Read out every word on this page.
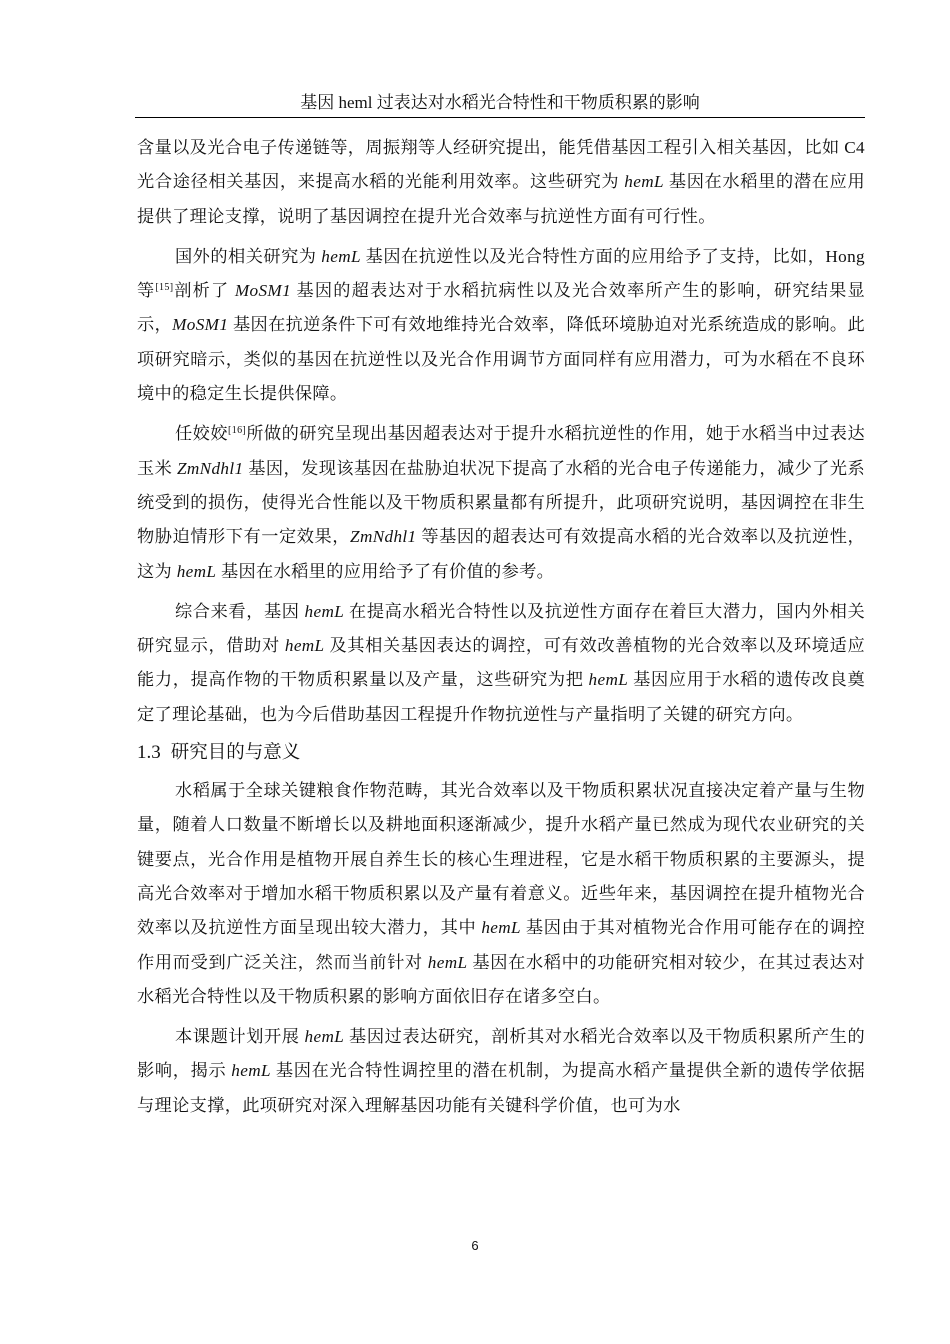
基因 heml 过表达对水稻光合特性和干物质积累的影响

含量以及光合电子传递链等，周振翔等人经研究提出，能凭借基因工程引入相关基因，比如 C4 光合途径相关基因，来提高水稻的光能利用效率。这些研究为 hemL 基因在水稻里的潜在应用提供了理论支撑，说明了基因调控在提升光合效率与抗逆性方面有可行性。

国外的相关研究为 hemL 基因在抗逆性以及光合特性方面的应用给予了支持，比如，Hong 等[15]剖析了 MoSM1 基因的超表达对于水稻抗病性以及光合效率所产生的影响，研究结果显示，MoSM1 基因在抗逆条件下可有效地维持光合效率，降低环境胁迫对光系统造成的影响。此项研究暗示，类似的基因在抗逆性以及光合作用调节方面同样有应用潜力，可为水稻在不良环境中的稳定生长提供保障。

任姣姣[16]所做的研究呈现出基因超表达对于提升水稻抗逆性的作用，她于水稻当中过表达玉米 ZmNdhl1 基因，发现该基因在盐胁迫状况下提高了水稻的光合电子传递能力，减少了光系统受到的损伤，使得光合性能以及干物质积累量都有所提升，此项研究说明，基因调控在非生物胁迫情形下有一定效果，ZmNdhl1 等基因的超表达可有效提高水稻的光合效率以及抗逆性，这为 hemL 基因在水稻里的应用给予了有价值的参考。

综合来看，基因 hemL 在提高水稻光合特性以及抗逆性方面存在着巨大潜力，国内外相关研究显示，借助对 hemL 及其相关基因表达的调控，可有效改善植物的光合效率以及环境适应能力，提高作物的干物质积累量以及产量，这些研究为把 hemL 基因应用于水稻的遗传改良奠定了理论基础，也为今后借助基因工程提升作物抗逆性与产量指明了关键的研究方向。

1.3 研究目的与意义

水稻属于全球关键粮食作物范畴，其光合效率以及干物质积累状况直接决定着产量与生物量，随着人口数量不断增长以及耕地面积逐渐减少，提升水稻产量已然成为现代农业研究的关键要点，光合作用是植物开展自养生长的核心生理进程，它是水稻干物质积累的主要源头，提高光合效率对于增加水稻干物质积累以及产量有着意义。近些年来，基因调控在提升植物光合效率以及抗逆性方面呈现出较大潜力，其中 hemL 基因由于其对植物光合作用可能存在的调控作用而受到广泛关注，然而当前针对 hemL 基因在水稻中的功能研究相对较少，在其过表达对水稻光合特性以及干物质积累的影响方面依旧存在诸多空白。

本课题计划开展 hemL 基因过表达研究，剖析其对水稻光合效率以及干物质积累所产生的影响，揭示 hemL 基因在光合特性调控里的潜在机制，为提高水稻产量提供全新的遗传学依据与理论支撑，此项研究对深入理解基因功能有关键科学价值，也可为水

6
